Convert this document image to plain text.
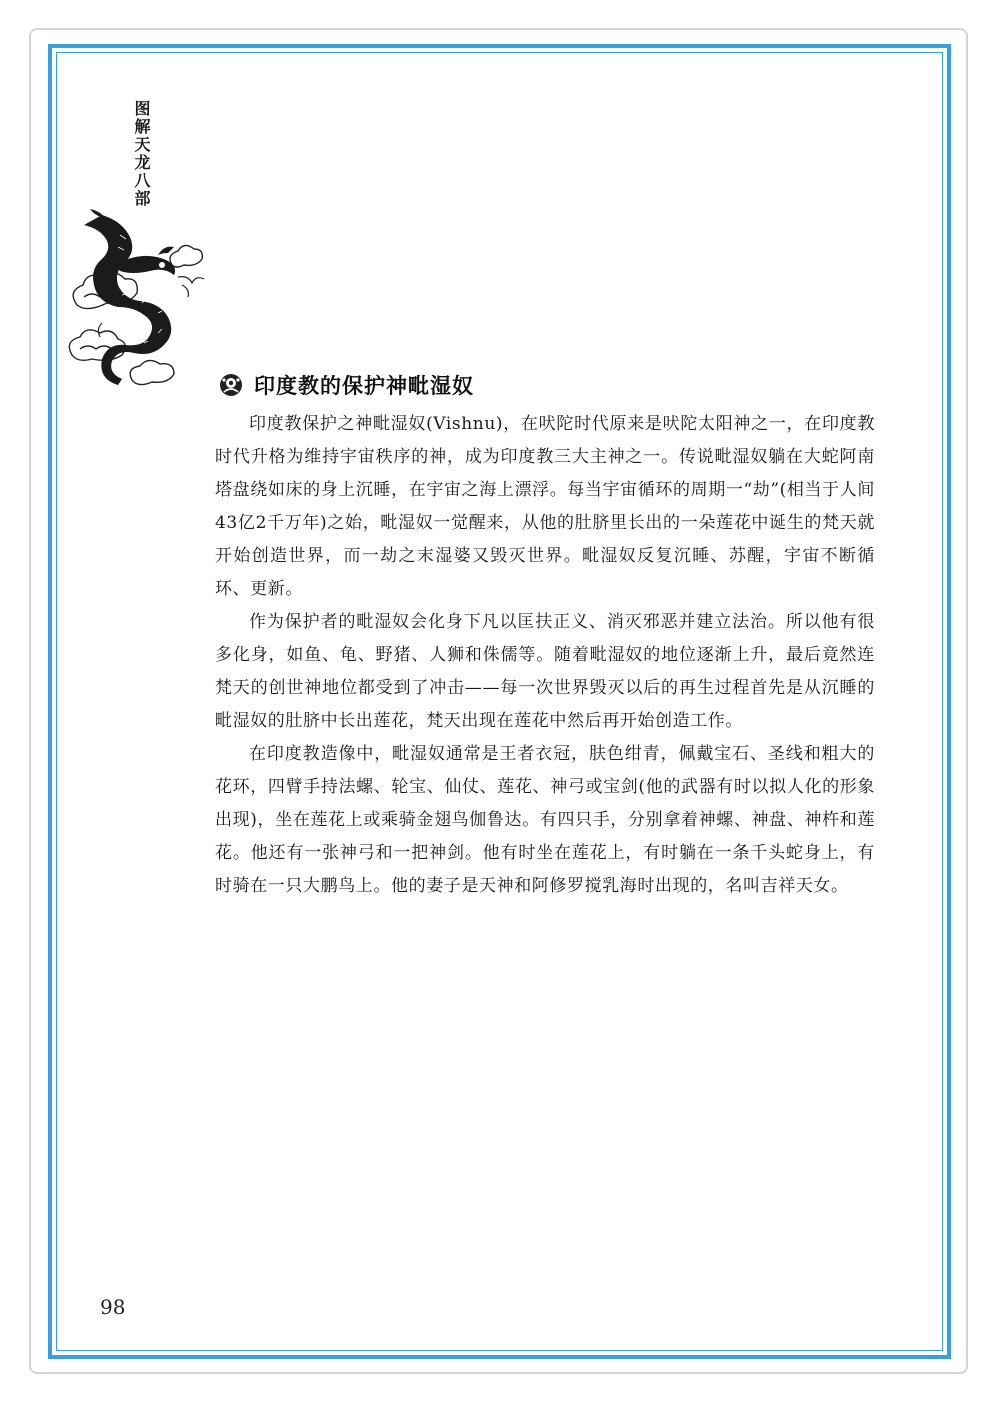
图解天龙八部
印度教的保护神毗湿奴

印度教保护之神毗湿奴(Vishnu)，在吠陀时代原来是吠陀太阳神之一，在印度教时代升格为维持宇宙秩序的神，成为印度教三大主神之一。传说毗湿奴躺在大蛇阿南塔盘绕如床的身上沉睡，在宇宙之海上漂浮。每当宇宙循环的周期一“劫”(相当于人间43亿2千万年)之始，毗湿奴一觉醒来，从他的肚脐里长出的一朵莲花中诞生的梵天就开始创造世界，而一劫之末湿婆又毁灭世界。毗湿奴反复沉睡、苏醒，宇宙不断循环、更新。

作为保护者的毗湿奴会化身下凡以匡扶正义、消灭邪恶并建立法治。所以他有很多化身，如鱼、龟、野猪、人狮和侏儒等。随着毗湿奴的地位逐渐上升，最后竟然连梵天的创世神地位都受到了冲击——每一次世界毁灭以后的再生过程首先是从沉睡的毗湿奴的肚脐中长出莲花，梵天出现在莲花中然后再开始创造工作。

在印度教造像中，毗湿奴通常是王者衣冠，肤色绀青，佩戴宝石、圣线和粗大的花环，四臂手持法螺、轮宝、仙仗、莲花、神弓或宝剑(他的武器有时以拟人化的形象出现)，坐在莲花上或乘骑金翅鸟伽鲁达。有四只手，分别拿着神螺、神盘、神杵和莲花。他还有一张神弓和一把神剑。他有时坐在莲花上，有时躺在一条千头蛇身上，有时骑在一只大鹏鸟上。他的妻子是天神和阿修罗搅乳海时出现的，名叫吉祥天女。

98
